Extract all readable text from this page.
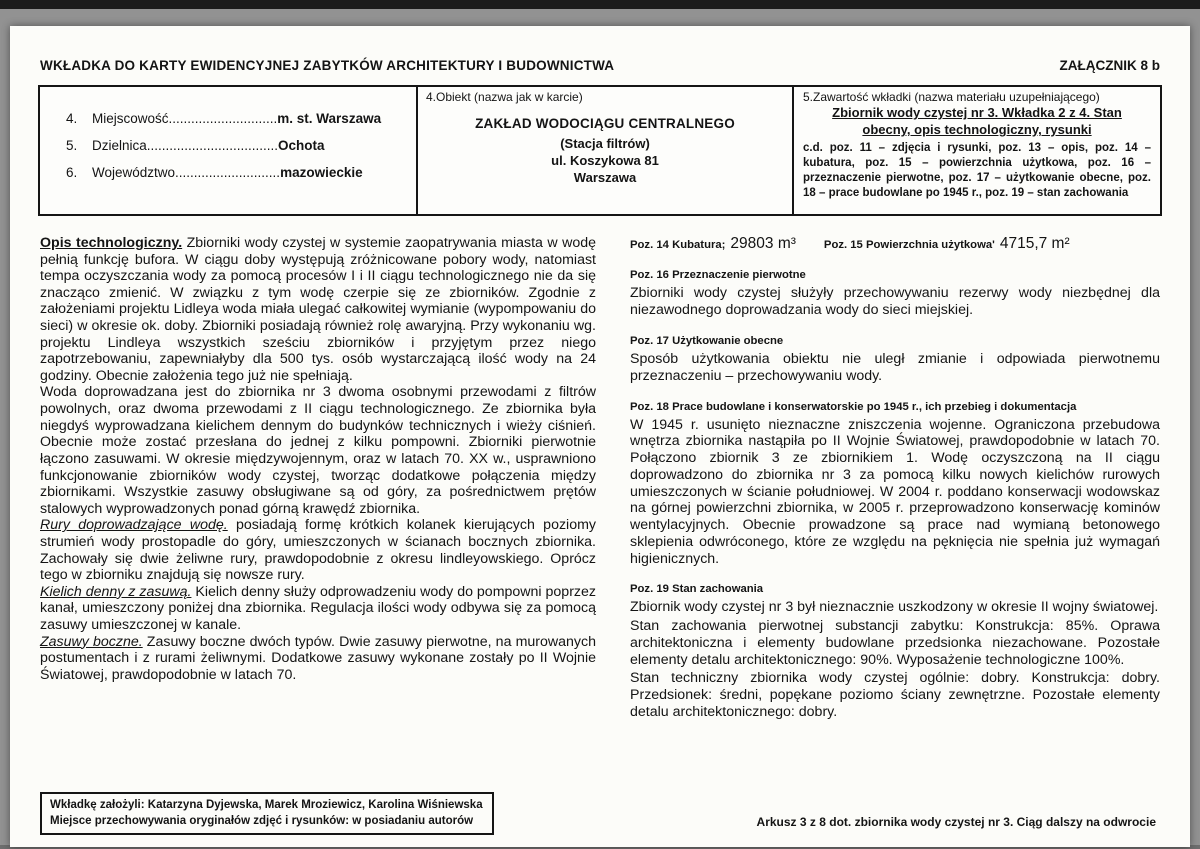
WKŁADKA DO KARTY EWIDENCYJNEJ ZABYTKÓW ARCHITEKTURY I BUDOWNICTWA	ZAŁĄCZNIK 8 b
4.	Miejscowość............................. m. st. Warszawa
5.	Dzielnica................................... Ochota
6.	Województwo............................ mazowieckie
4.Obiekt (nazwa jak w karcie)
ZAKŁAD WODOCIĄGU CENTRALNEGO
(Stacja filtrów)
ul. Koszykowa 81
Warszawa
5.Zawartość wkładki (nazwa materiału uzupełniającego)
Zbiornik wody czystej nr 3. Wkładka 2 z 4. Stan obecny, opis technologiczny, rysunki
c.d. poz. 11 – zdjęcia i rysunki, poz. 13 – opis, poz. 14 – kubatura, poz. 15 – powierzchnia użytkowa, poz. 16 – przeznaczenie pierwotne, poz. 17 – użytkowanie obecne, poz. 18 – prace budowlane po 1945 r., poz. 19 – stan zachowania

Opis technologiczny. Zbiorniki wody czystej w systemie zaopatrywania miasta w wodę pełnią funkcję bufora. W ciągu doby występują zróżnicowane pobory wody, natomiast tempa oczyszczania wody za pomocą procesów I i II ciągu technologicznego nie da się znacząco zmienić. W związku z tym wodę czerpie się ze zbiorników. Zgodnie z założeniami projektu Lidleya woda miała ulegać całkowitej wymianie (wypompowaniu do sieci) w okresie ok. doby. Zbiorniki posiadają również rolę awaryjną. Przy wykonaniu wg. projektu Lindleya wszystkich sześciu zbiorników i przyjętym przez niego zapotrzebowaniu, zapewniałyby dla 500 tys. osób wystarczającą ilość wody na 24 godziny. Obecnie założenia tego już nie spełniają.

Woda doprowadzana jest do zbiornika nr 3 dwoma osobnymi przewodami z filtrów powolnych, oraz dwoma przewodami z II ciągu technologicznego. Ze zbiornika była niegdyś wyprowadzana kielichem dennym do budynków technicznych i wieży ciśnień. Obecnie może zostać przesłana do jednej z kilku pompowni. Zbiorniki pierwotnie łączono zasuwami. W okresie międzywojennym, oraz w latach 70. XX w., usprawniono funkcjonowanie zbiorników wody czystej, tworząc dodatkowe połączenia między zbiornikami. Wszystkie zasuwy obsługiwane są od góry, za pośrednictwem prętów stalowych wyprowadzonych ponad górną krawędź zbiornika.

Rury doprowadzające wodę. posiadają formę krótkich kolanek kierujących poziomy strumień wody prostopadle do góry, umieszczonych w ścianach bocznych zbiornika. Zachowały się dwie żeliwne rury, prawdopodobnie z okresu lindleyowskiego. Oprócz tego w zbiorniku znajdują się nowsze rury.

Kielich denny z zasuwą. Kielich denny służy odprowadzeniu wody do pompowni poprzez kanał, umieszczony poniżej dna zbiornika. Regulacja ilości wody odbywa się za pomocą zasuwy umieszczonej w kanale.

Zasuwy boczne. Zasuwy boczne dwóch typów. Dwie zasuwy pierwotne, na murowanych postumentach i z rurami żeliwnymi. Dodatkowe zasuwy wykonane zostały po II Wojnie Światowej, prawdopodobnie w latach 70.

Poz. 14 Kubatura; 29803 m³ Poz. 15 Powierzchnia użytkowa' 4715,7 m²
Poz. 16 Przeznaczenie pierwotne
Zbiorniki wody czystej służyły przechowywaniu rezerwy wody niezbędnej dla niezawodnego doprowadzania wody do sieci miejskiej.
Poz. 17 Użytkowanie obecne
Sposób użytkowania obiektu nie uległ zmianie i odpowiada pierwotnemu przeznaczeniu – przechowywaniu wody.
Poz. 18 Prace budowlane i konserwatorskie po 1945 r., ich przebieg i dokumentacja
W 1945 r. usunięto nieznaczne zniszczenia wojenne. Ograniczona przebudowa wnętrza zbiornika nastąpiła po II Wojnie Światowej, prawdopodobnie w latach 70. Połączono zbiornik 3 ze zbiornikiem 1. Wodę oczyszczoną na II ciągu doprowadzono do zbiornika nr 3 za pomocą kilku nowych kielichów rurowych umieszczonych w ścianie południowej. W 2004 r. poddano konserwacji wodowskaz na górnej powierzchni zbiornika, w 2005 r. przeprowadzono konserwację kominów wentylacyjnych. Obecnie prowadzone są prace nad wymianą betonowego sklepienia odwróconego, które ze względu na pęknięcia nie spełnia już wymagań higienicznych.
Poz. 19 Stan zachowania
Zbiornik wody czystej nr 3 był nieznacznie uszkodzony w okresie II wojny światowej.
Stan zachowania pierwotnej substancji zabytku: Konstrukcja: 85%. Oprawa architektoniczna i elementy budowlane przedsionka niezachowane. Pozostałe elementy detalu architektonicznego: 90%. Wyposażenie technologiczne 100%.
Stan techniczny zbiornika wody czystej ogólnie: dobry. Konstrukcja: dobry. Przedsionek: średni, popękane poziomo ściany zewnętrzne. Pozostałe elementy detalu architektonicznego: dobry.
Wkładkę założyli: Katarzyna Dyjewska, Marek Mroziewicz, Karolina Wiśniewska
Miejsce przechowywania oryginałów zdjęć i rysunków: w posiadaniu autorów	Arkusz 3 z 8 dot. zbiornika wody czystej nr 3. Ciąg dalszy na odwrocie
